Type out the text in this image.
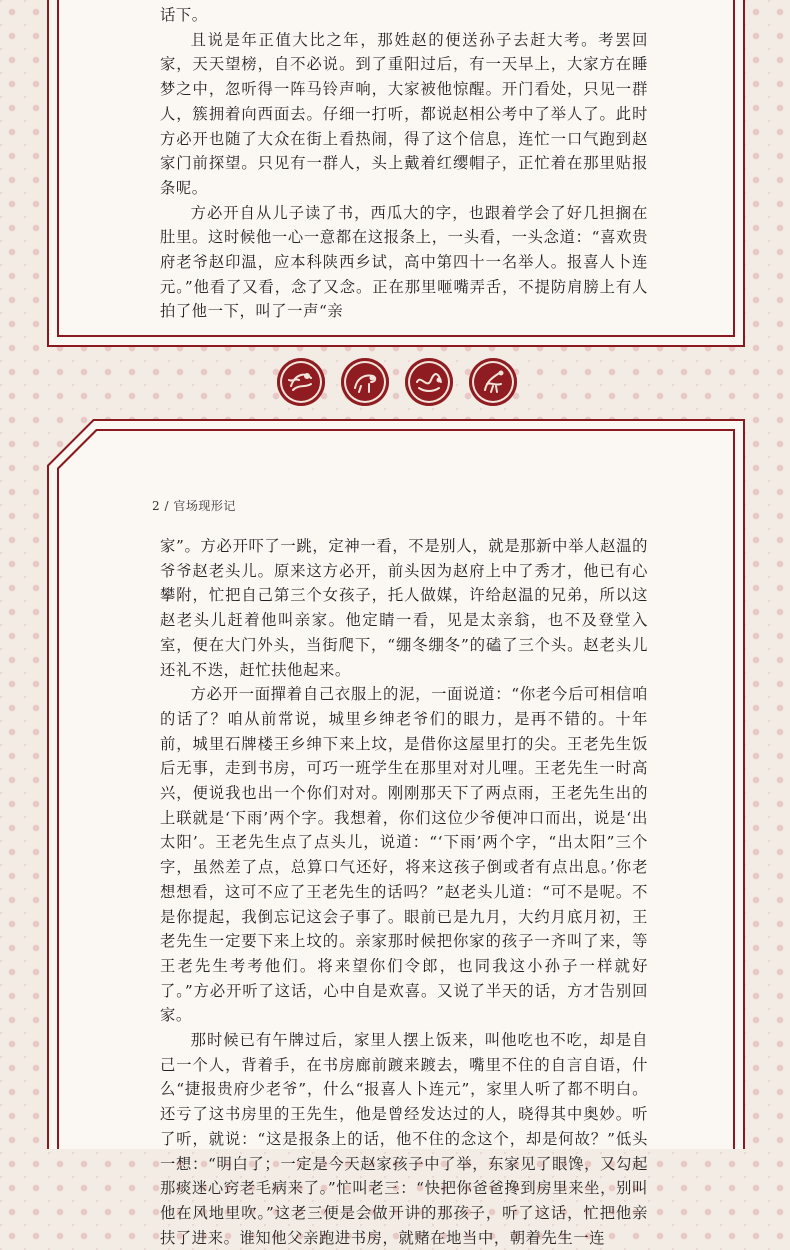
话下。

且说是年正值大比之年，那姓赵的便送孙子去赶大考。考罢回家，天天望榜，自不必说。到了重阳过后，有一天早上，大家方在睡梦之中，忽听得一阵马铃声响，大家被他惊醒。开门看处，只见一群人，簇拥着向西面去。仔细一打听，都说赵相公考中了举人了。此时方必开也随了大众在街上看热闹，得了这个信息，连忙一口气跑到赵家门前探望。只见有一群人，头上戴着红缨帽子，正忙着在那里贴报条呢。

方必开自从儿子读了书，西瓜大的字，也跟着学会了好几担搁在肚里。这时候他一心一意都在这报条上，一头看，一头念道：“喜欢贵府老爷赵印温，应本科陕西乡试，高中第四十一名举人。报喜人卜连元。”他看了又看，念了又念。正在那里咂嘴弄舌，不提防肩膀上有人拍了他一下，叫了一声“亲

2 / 官场现形记

家”。方必开吓了一跳，定神一看，不是别人，就是那新中举人赵温的爷爷赵老头儿。原来这方必开，前头因为赵府上中了秀才，他已有心攀附，忙把自己第三个女孩子，托人做媒，许给赵温的兄弟，所以这赵老头儿赶着他叫亲家。他定睛一看，见是太亲翁，也不及登堂入室，便在大门外头，当街爬下，“绷冬绷冬”的磕了三个头。赵老头儿还礼不迭，赶忙扶他起来。

方必开一面撣着自己衣服上的泥，一面说道：“你老今后可相信咱的话了？咱从前常说，城里乡绅老爷们的眼力，是再不错的。十年前，城里石牌楼王乡绅下来上坟，是借你这屋里打的尖。王老先生饭后无事，走到书房，可巧一班学生在那里对对儿哩。王老先生一时高兴，便说我也出一个你们对对。刚刚那天下了两点雨，王老先生出的上联就是‘下雨’两个字。我想着，你们这位少爷便冲口而出，说是‘出太阳’。王老先生点了点头儿，说道：“‘下雨’两个字，“出太阳”三个字，虽然差了点，总算口气还好，将来这孩子倒或者有点出息。’你老想想看，这可不应了王老先生的话吗？”赵老头儿道：“可不是呢。不是你提起，我倒忘记这会子事了。眼前已是九月，大约月底月初，王老先生一定要下来上坟的。亲家那时候把你家的孩子一齐叫了来，等王老先生考考他们。将来望你们令郎，也同我这小孙子一样就好了。”方必开听了这话，心中自是欢喜。又说了半天的话，方才告别回家。

那时候已有午牌过后，家里人摆上饭来，叫他吃也不吃，却是自己一个人，背着手，在书房廊前踱来踱去，嘴里不住的自言自语，什么“捷报贵府少老爷”，什么“报喜人卜连元”，家里人听了都不明白。还亏了这书房里的王先生，他是曾经发达过的人，晓得其中奥妙。听了听，就说：“这是报条上的话，他不住的念这个，却是何故？”低头一想：“明白了；一定是今天赵家孩子中了举，东家见了眼馋，又勾起那痰迷心窍老毛病来了。”忙叫老三：“快把你爸爸搀到房里来坐，别叫他在风地里吹。”这老三便是会做开讲的那孩子，听了这话，忙把他亲扶了进来。谁知他父亲跑进书房，就赌在地当中，朝着先生一连
